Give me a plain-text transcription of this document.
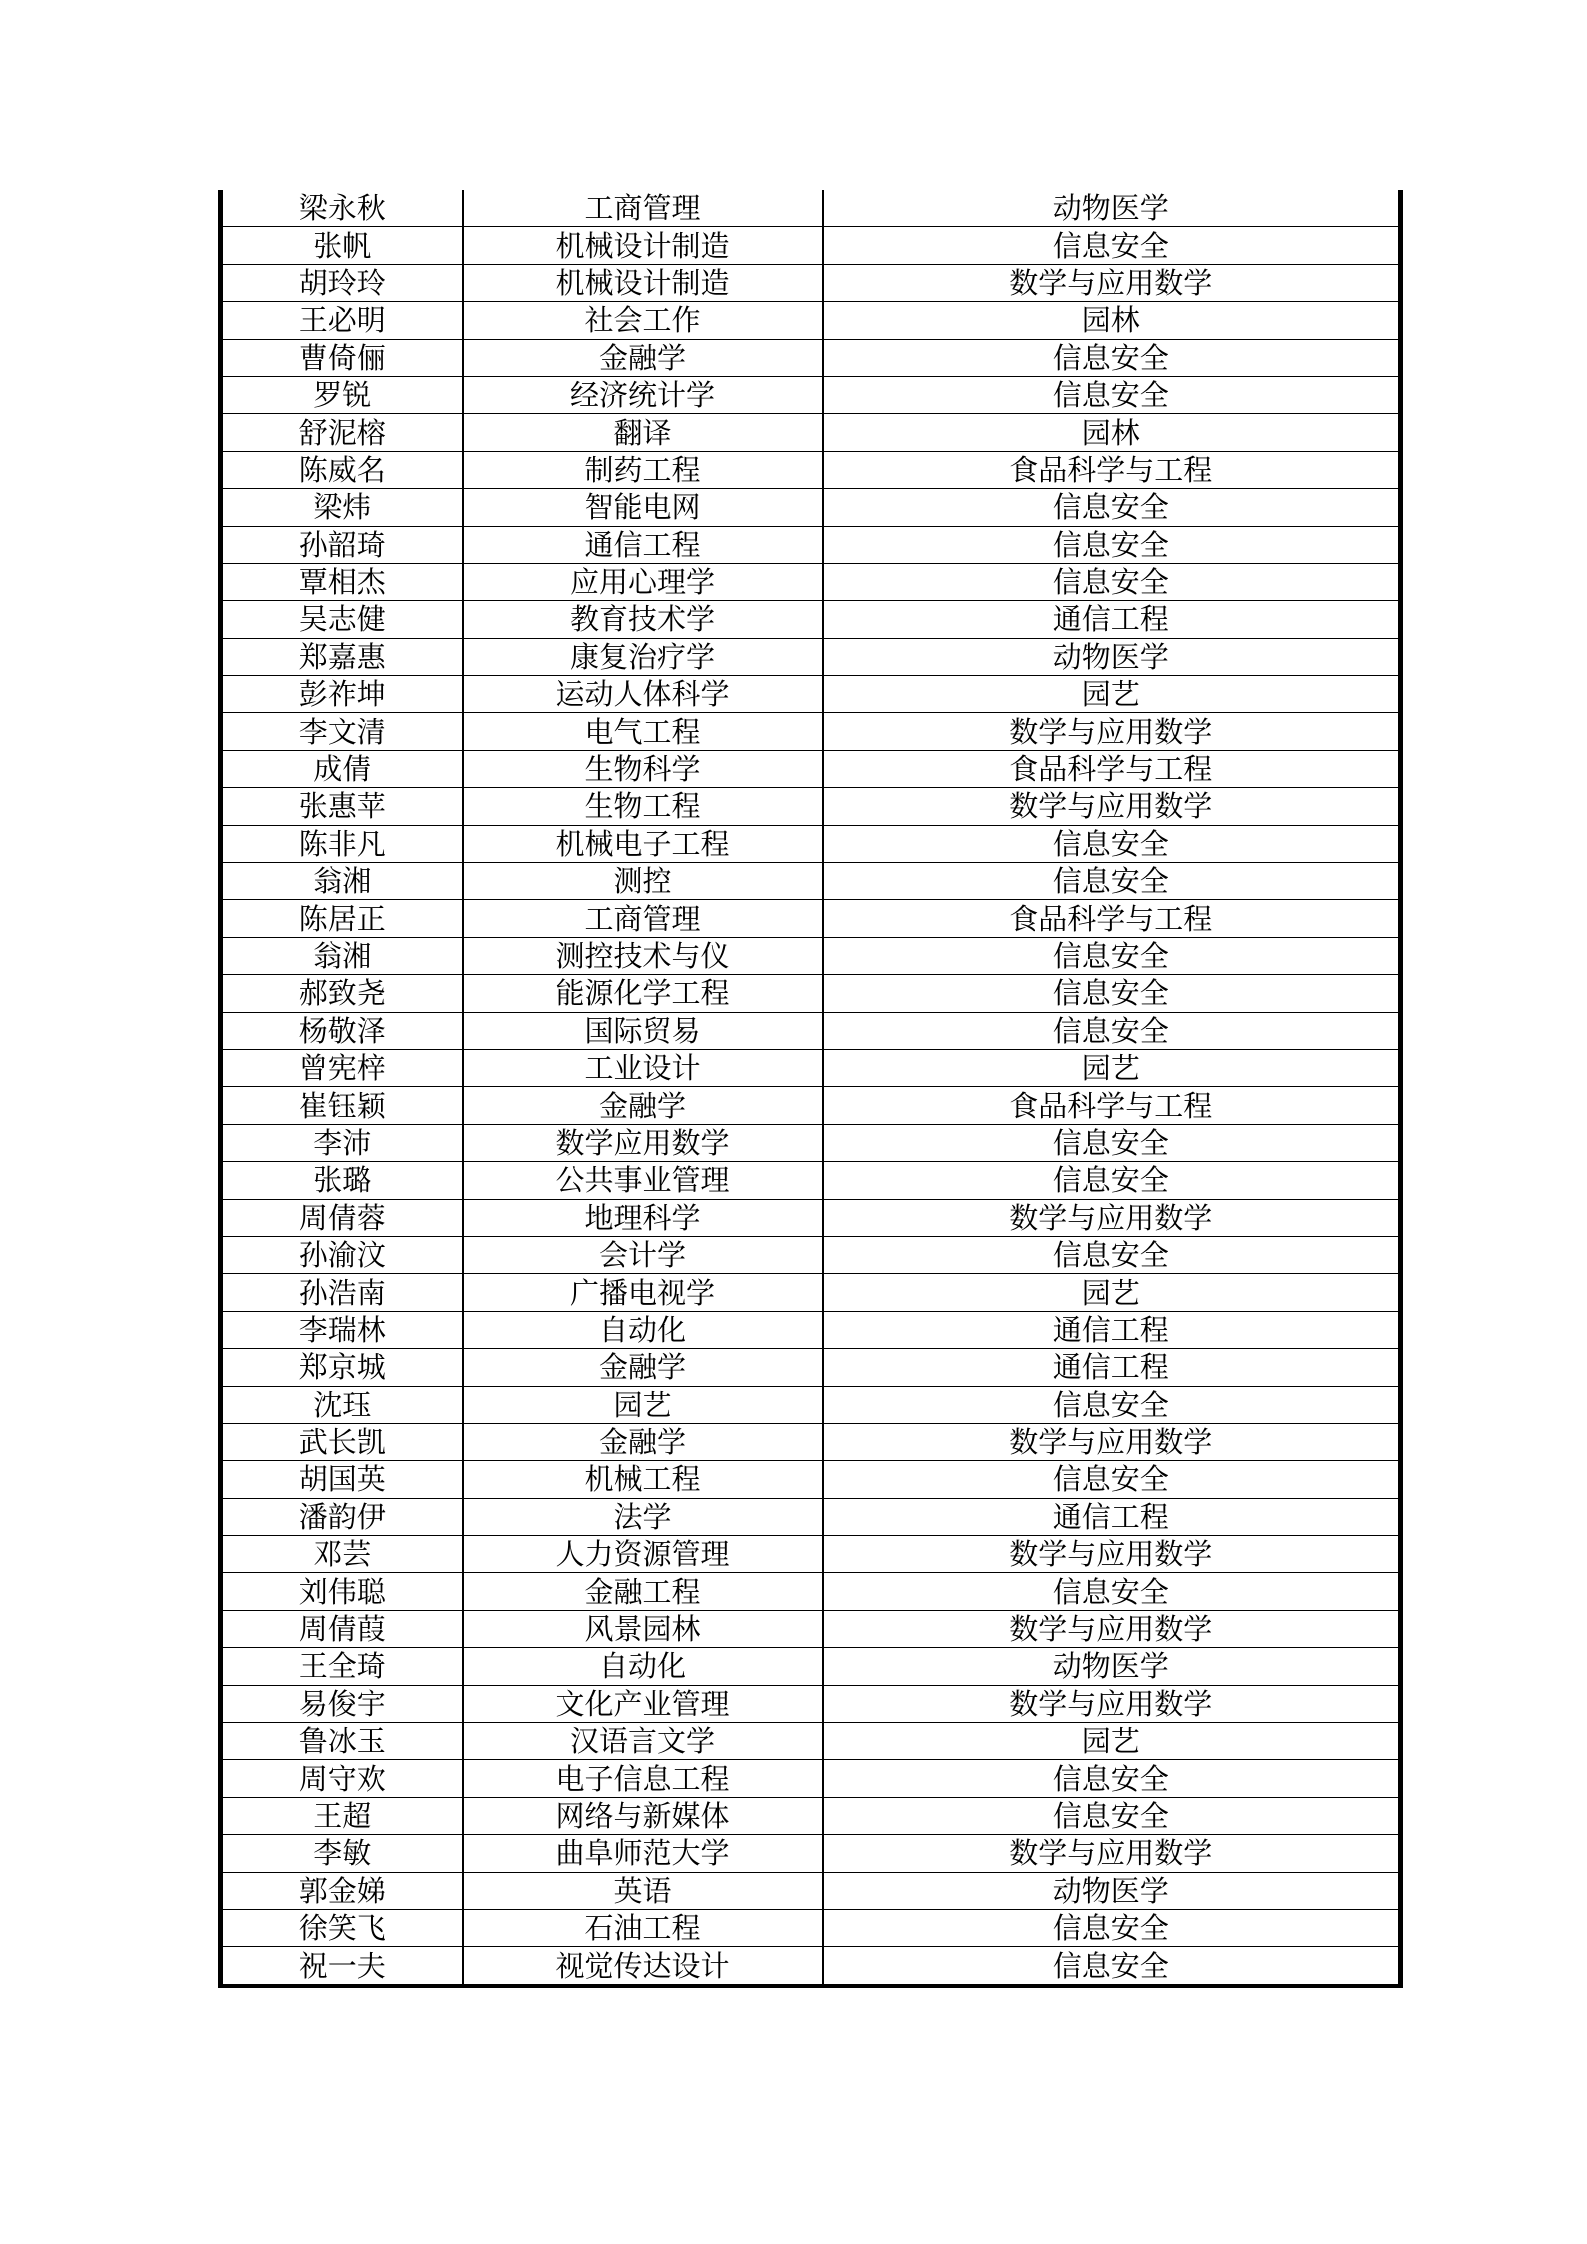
梁永秋	工商管理	动物医学
张帆	机械设计制造	信息安全
胡玲玲	机械设计制造	数学与应用数学
王必明	社会工作	园林
曹倚俪	金融学	信息安全
罗锐	经济统计学	信息安全
舒泥榕	翻译	园林
陈威名	制药工程	食品科学与工程
梁炜	智能电网	信息安全
孙韶琦	通信工程	信息安全
覃相杰	应用心理学	信息安全
吴志健	教育技术学	通信工程
郑嘉惠	康复治疗学	动物医学
彭祚坤	运动人体科学	园艺
李文清	电气工程	数学与应用数学
成倩	生物科学	食品科学与工程
张惠苹	生物工程	数学与应用数学
陈非凡	机械电子工程	信息安全
翁湘	测控	信息安全
陈居正	工商管理	食品科学与工程
翁湘	测控技术与仪	信息安全
郝致尧	能源化学工程	信息安全
杨敬泽	国际贸易	信息安全
曾宪梓	工业设计	园艺
崔钰颖	金融学	食品科学与工程
李沛	数学应用数学	信息安全
张璐	公共事业管理	信息安全
周倩蓉	地理科学	数学与应用数学
孙渝汶	会计学	信息安全
孙浩南	广播电视学	园艺
李瑞林	自动化	通信工程
郑京城	金融学	通信工程
沈珏	园艺	信息安全
武长凯	金融学	数学与应用数学
胡国英	机械工程	信息安全
潘韵伊	法学	通信工程
邓芸	人力资源管理	数学与应用数学
刘伟聪	金融工程	信息安全
周倩葭	风景园林	数学与应用数学
王全琦	自动化	动物医学
易俊宇	文化产业管理	数学与应用数学
鲁冰玉	汉语言文学	园艺
周守欢	电子信息工程	信息安全
王超	网络与新媒体	信息安全
李敏	曲阜师范大学	数学与应用数学
郭金娣	英语	动物医学
徐笑飞	石油工程	信息安全
祝一夫	视觉传达设计	信息安全
